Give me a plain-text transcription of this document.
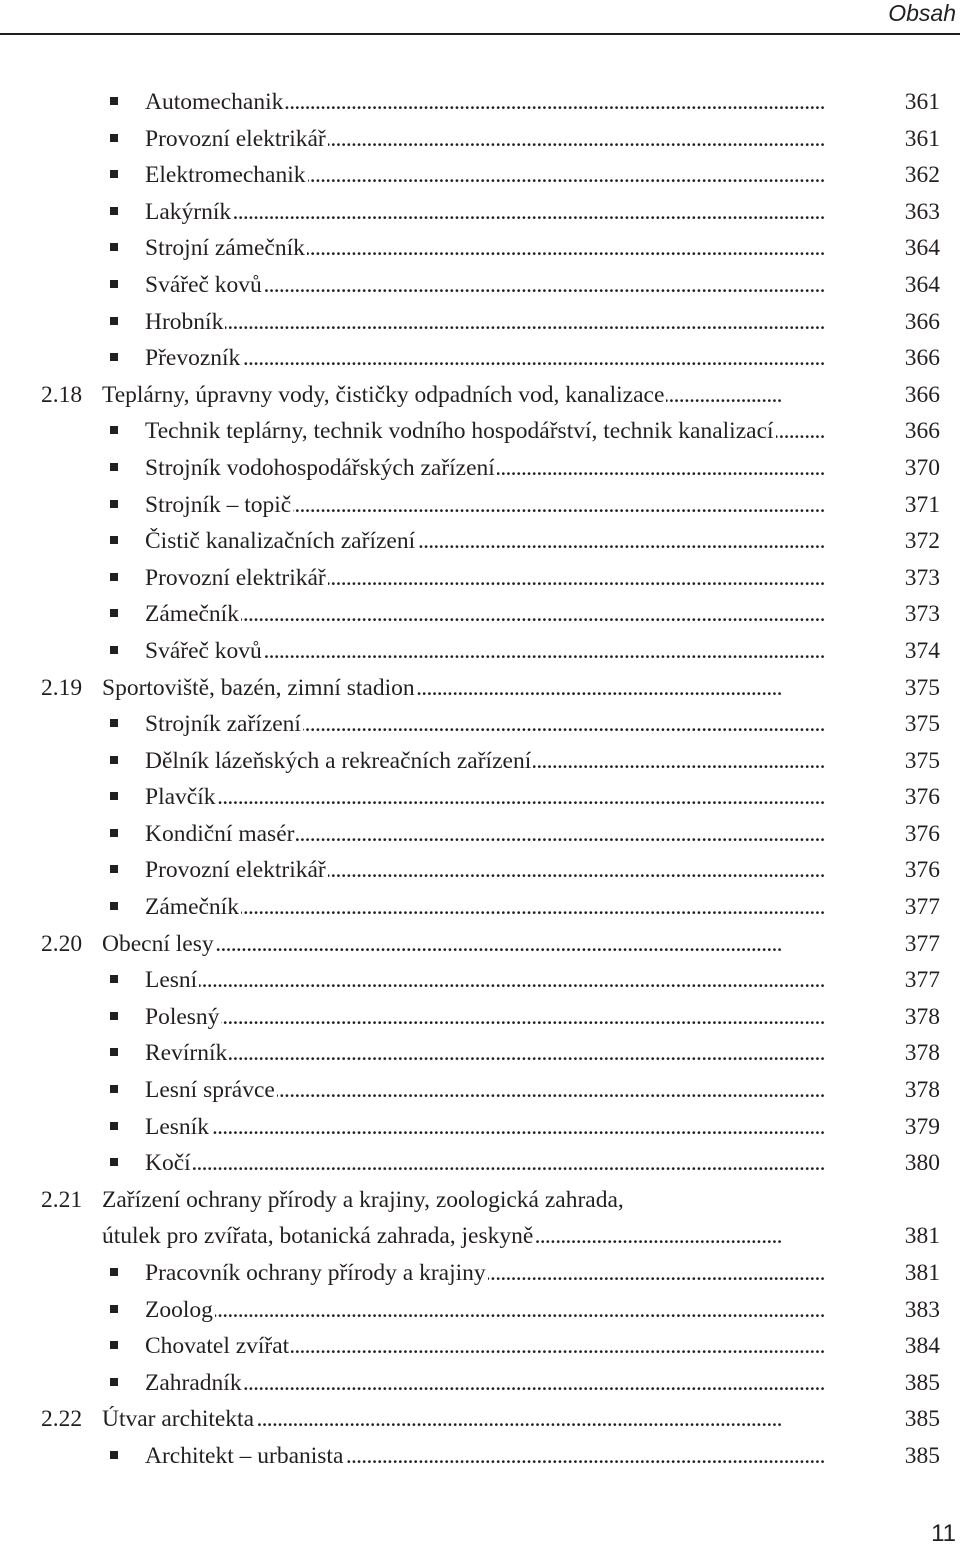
Obsah
Automechanik	361
. . .
Provozní elektrikář	361
. . .
Elektromechanik	362
. . .
Lakýrník	363
. . .
Strojní zámečník	364
. . .
Svářeč kovů	364
. . .
Hrobník	366
. . .
Převozník	366
. . .
2.18 Teplárny, úpravny vody, čističky odpadních vod, kanalizace	366
. . .
Technik teplárny, technik vodního hospodářství, technik kanalizací	366
. . .
Strojník vodohospodářských zařízení	370
. . .
Strojník – topič	371
. . .
Čistič kanalizačních zařízení	372
. . .
Provozní elektrikář	373
. . .
Zámečník	373
. . .
Svářeč kovů	374
. . .
2.19 Sportoviště, bazén, zimní stadion	375
. . .
Strojník zařízení	375
. . .
Dělník lázeňských a rekreačních zařízení	375
. . .
Plavčík	376
. . .
Kondiční masér	376
. . .
Provozní elektrikář	376
. . .
Zámečník	377
. . .
2.20 Obecní lesy	377
. . .
Lesní	377
. . .
Polesný	378
. . .
Revírník	378
. . .
Lesní správce	378
. . .
Lesník	379
. . .
Kočí	380
. . .
2.21 Zařízení ochrany přírody a krajiny, zoologická zahrada,
útulek pro zvířata, botanická zahrada, jeskyně	381
. . .
Pracovník ochrany přírody a krajiny	381
. . .
Zoolog	383
. . .
Chovatel zvířat	384
. . .
Zahradník	385
. . .
2.22 Útvar architekta	385
. . .
Architekt – urbanista	385
. . .
11
